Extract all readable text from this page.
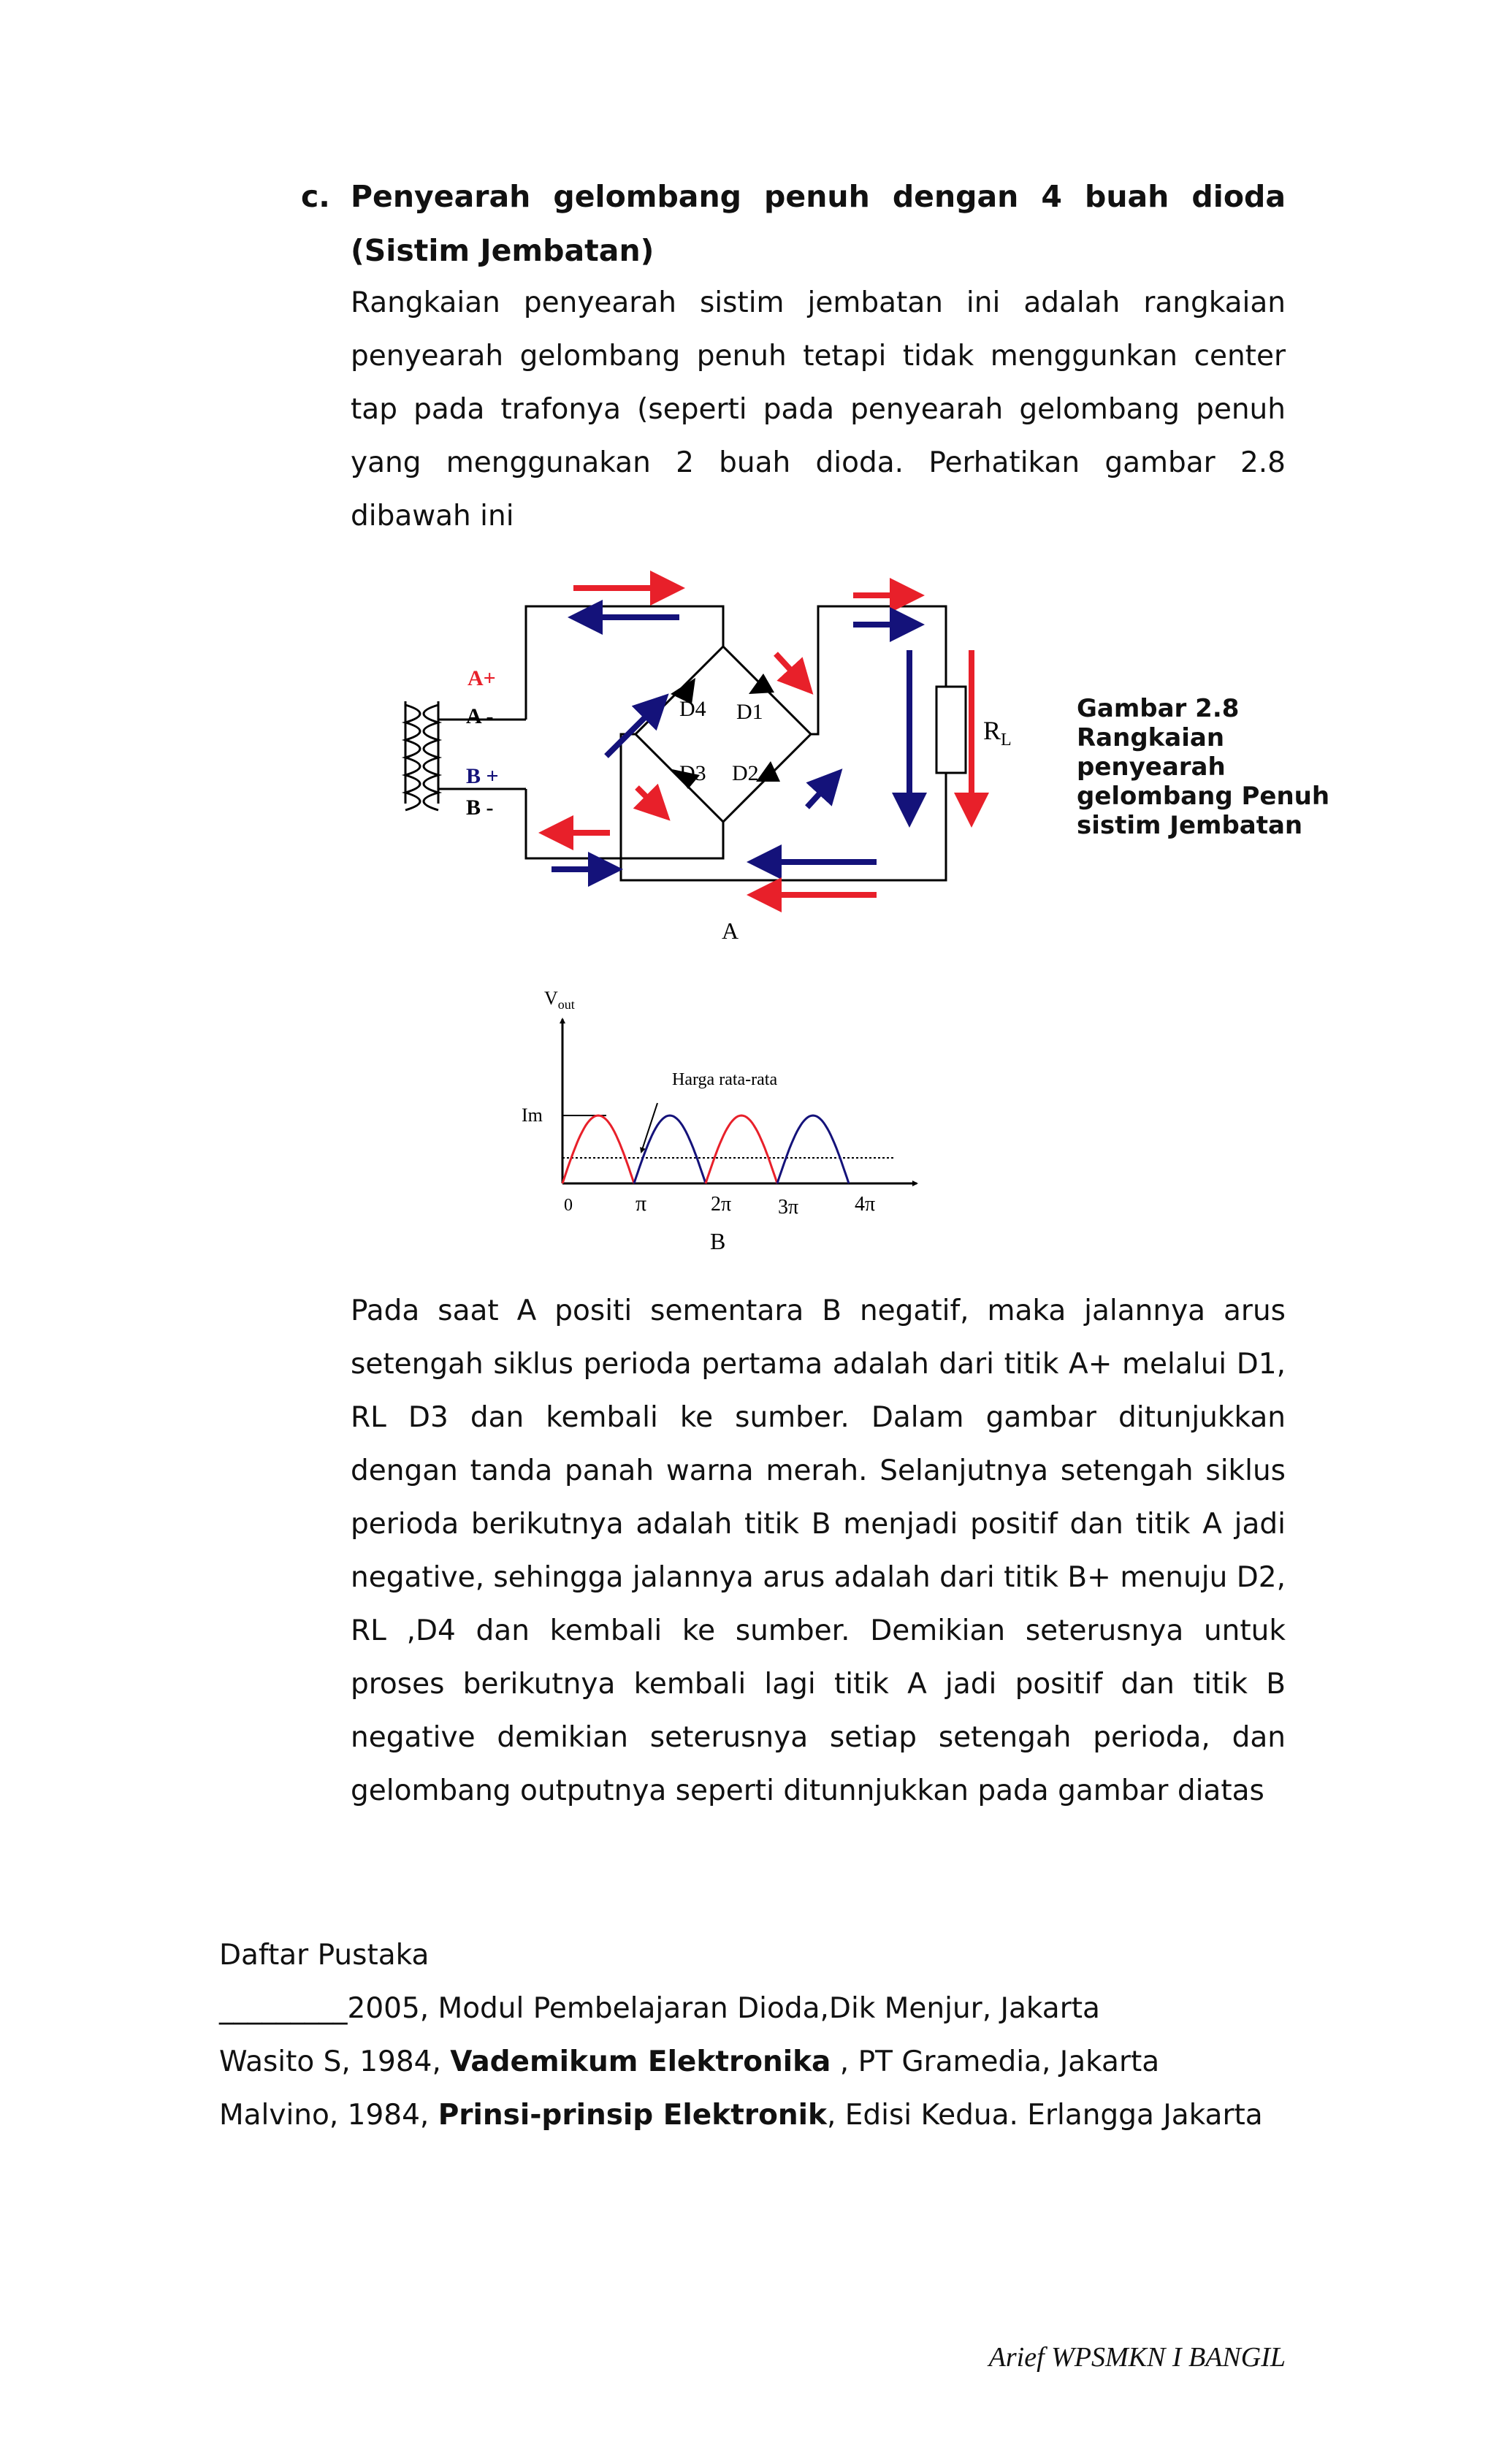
c. Penyearah gelombang penuh dengan 4 buah dioda (Sistim Jembatan)

Rangkaian penyearah sistim jembatan ini adalah rangkaian penyearah gelombang penuh tetapi tidak menggunkan center tap pada trafonya (seperti pada penyearah gelombang penuh yang menggunakan 2 buah dioda. Perhatikan gambar 2.8 dibawah ini

D4 D1
D3 D2
A+
A -
B +
B -
$R_L$
A
Gambar 2.8
Rangkaian
penyearah
gelombang Penuh
sistim Jembatan
$V_{out}$
Im
Harga rata-rata
0	π	2π 3π	4π
B

Pada saat A positi sementara B negatif, maka jalannya arus setengah siklus perioda pertama adalah dari titik A+ melalui D1, RL D3 dan kembali ke sumber. Dalam gambar ditunjukkan dengan tanda panah warna merah. Selanjutnya setengah siklus perioda berikutnya adalah titik B menjadi positif dan titik A jadi negative, sehingga jalannya arus adalah dari titik B+ menuju D2, RL ,D4 dan kembali ke sumber. Demikian seterusnya untuk proses berikutnya kembali lagi titik A jadi positif dan titik B negative demikian seterusnya setiap setengah perioda, dan gelombang outputnya seperti ditunnjukkan pada gambar diatas

Daftar Pustaka
_________2005, Modul Pembelajaran Dioda,Dik Menjur, Jakarta
Wasito S, 1984, Vademikum Elektronika , PT Gramedia, Jakarta
Malvino, 1984, Prinsi-prinsip Elektronik, Edisi Kedua. Erlangga Jakarta
Arief WPSMKN I BANGIL
